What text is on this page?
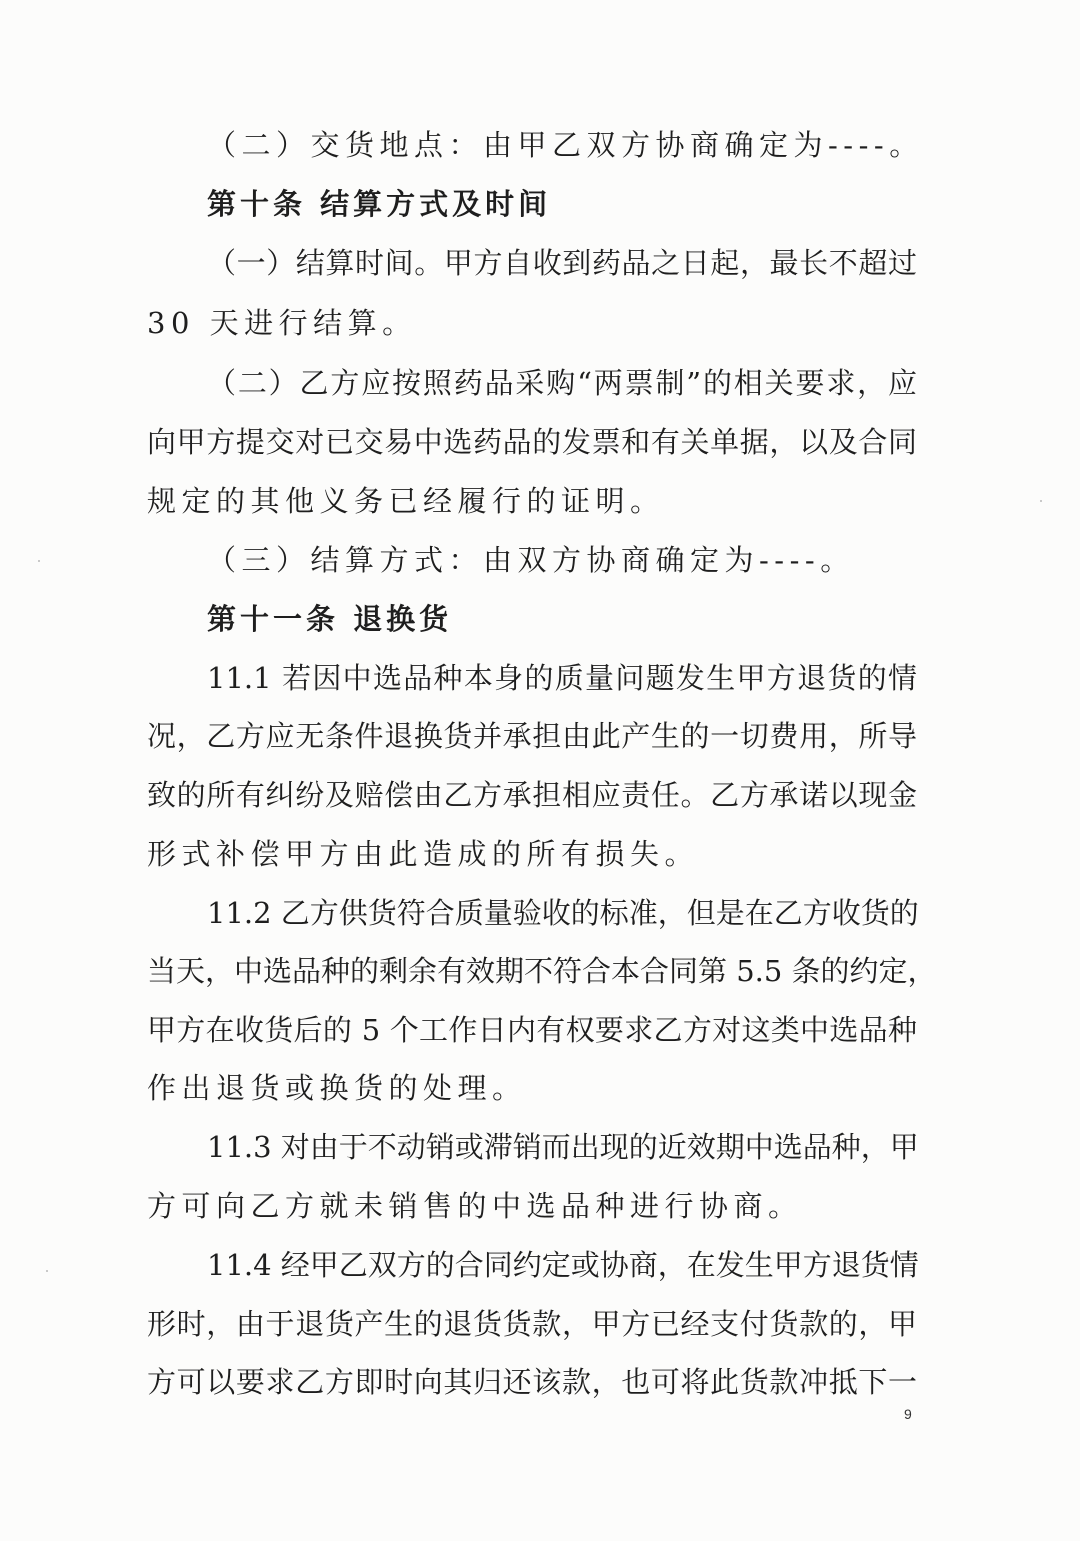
（二）交货地点：由甲乙双方协商确定为----。
第十条 结算方式及时间
（一）结算时间。甲方自收到药品之日起，最长不超过
30 天进行结算。
（二）乙方应按照药品采购“两票制”的相关要求，应
向甲方提交对已交易中选药品的发票和有关单据，以及合同
规定的其他义务已经履行的证明。
（三）结算方式：由双方协商确定为----。
第十一条 退换货
11.1 若因中选品种本身的质量问题发生甲方退货的情
况，乙方应无条件退换货并承担由此产生的一切费用，所导
致的所有纠纷及赔偿由乙方承担相应责任。乙方承诺以现金
形式补偿甲方由此造成的所有损失。
11.2 乙方供货符合质量验收的标准，但是在乙方收货的
当天，中选品种的剩余有效期不符合本合同第 5.5 条的约定，
甲方在收货后的 5 个工作日内有权要求乙方对这类中选品种
作出退货或换货的处理。
11.3 对由于不动销或滞销而出现的近效期中选品种，甲
方可向乙方就未销售的中选品种进行协商。
11.4 经甲乙双方的合同约定或协商，在发生甲方退货情
形时，由于退货产生的退货货款，甲方已经支付货款的，甲
方可以要求乙方即时向其归还该款，也可将此货款冲抵下一
9
